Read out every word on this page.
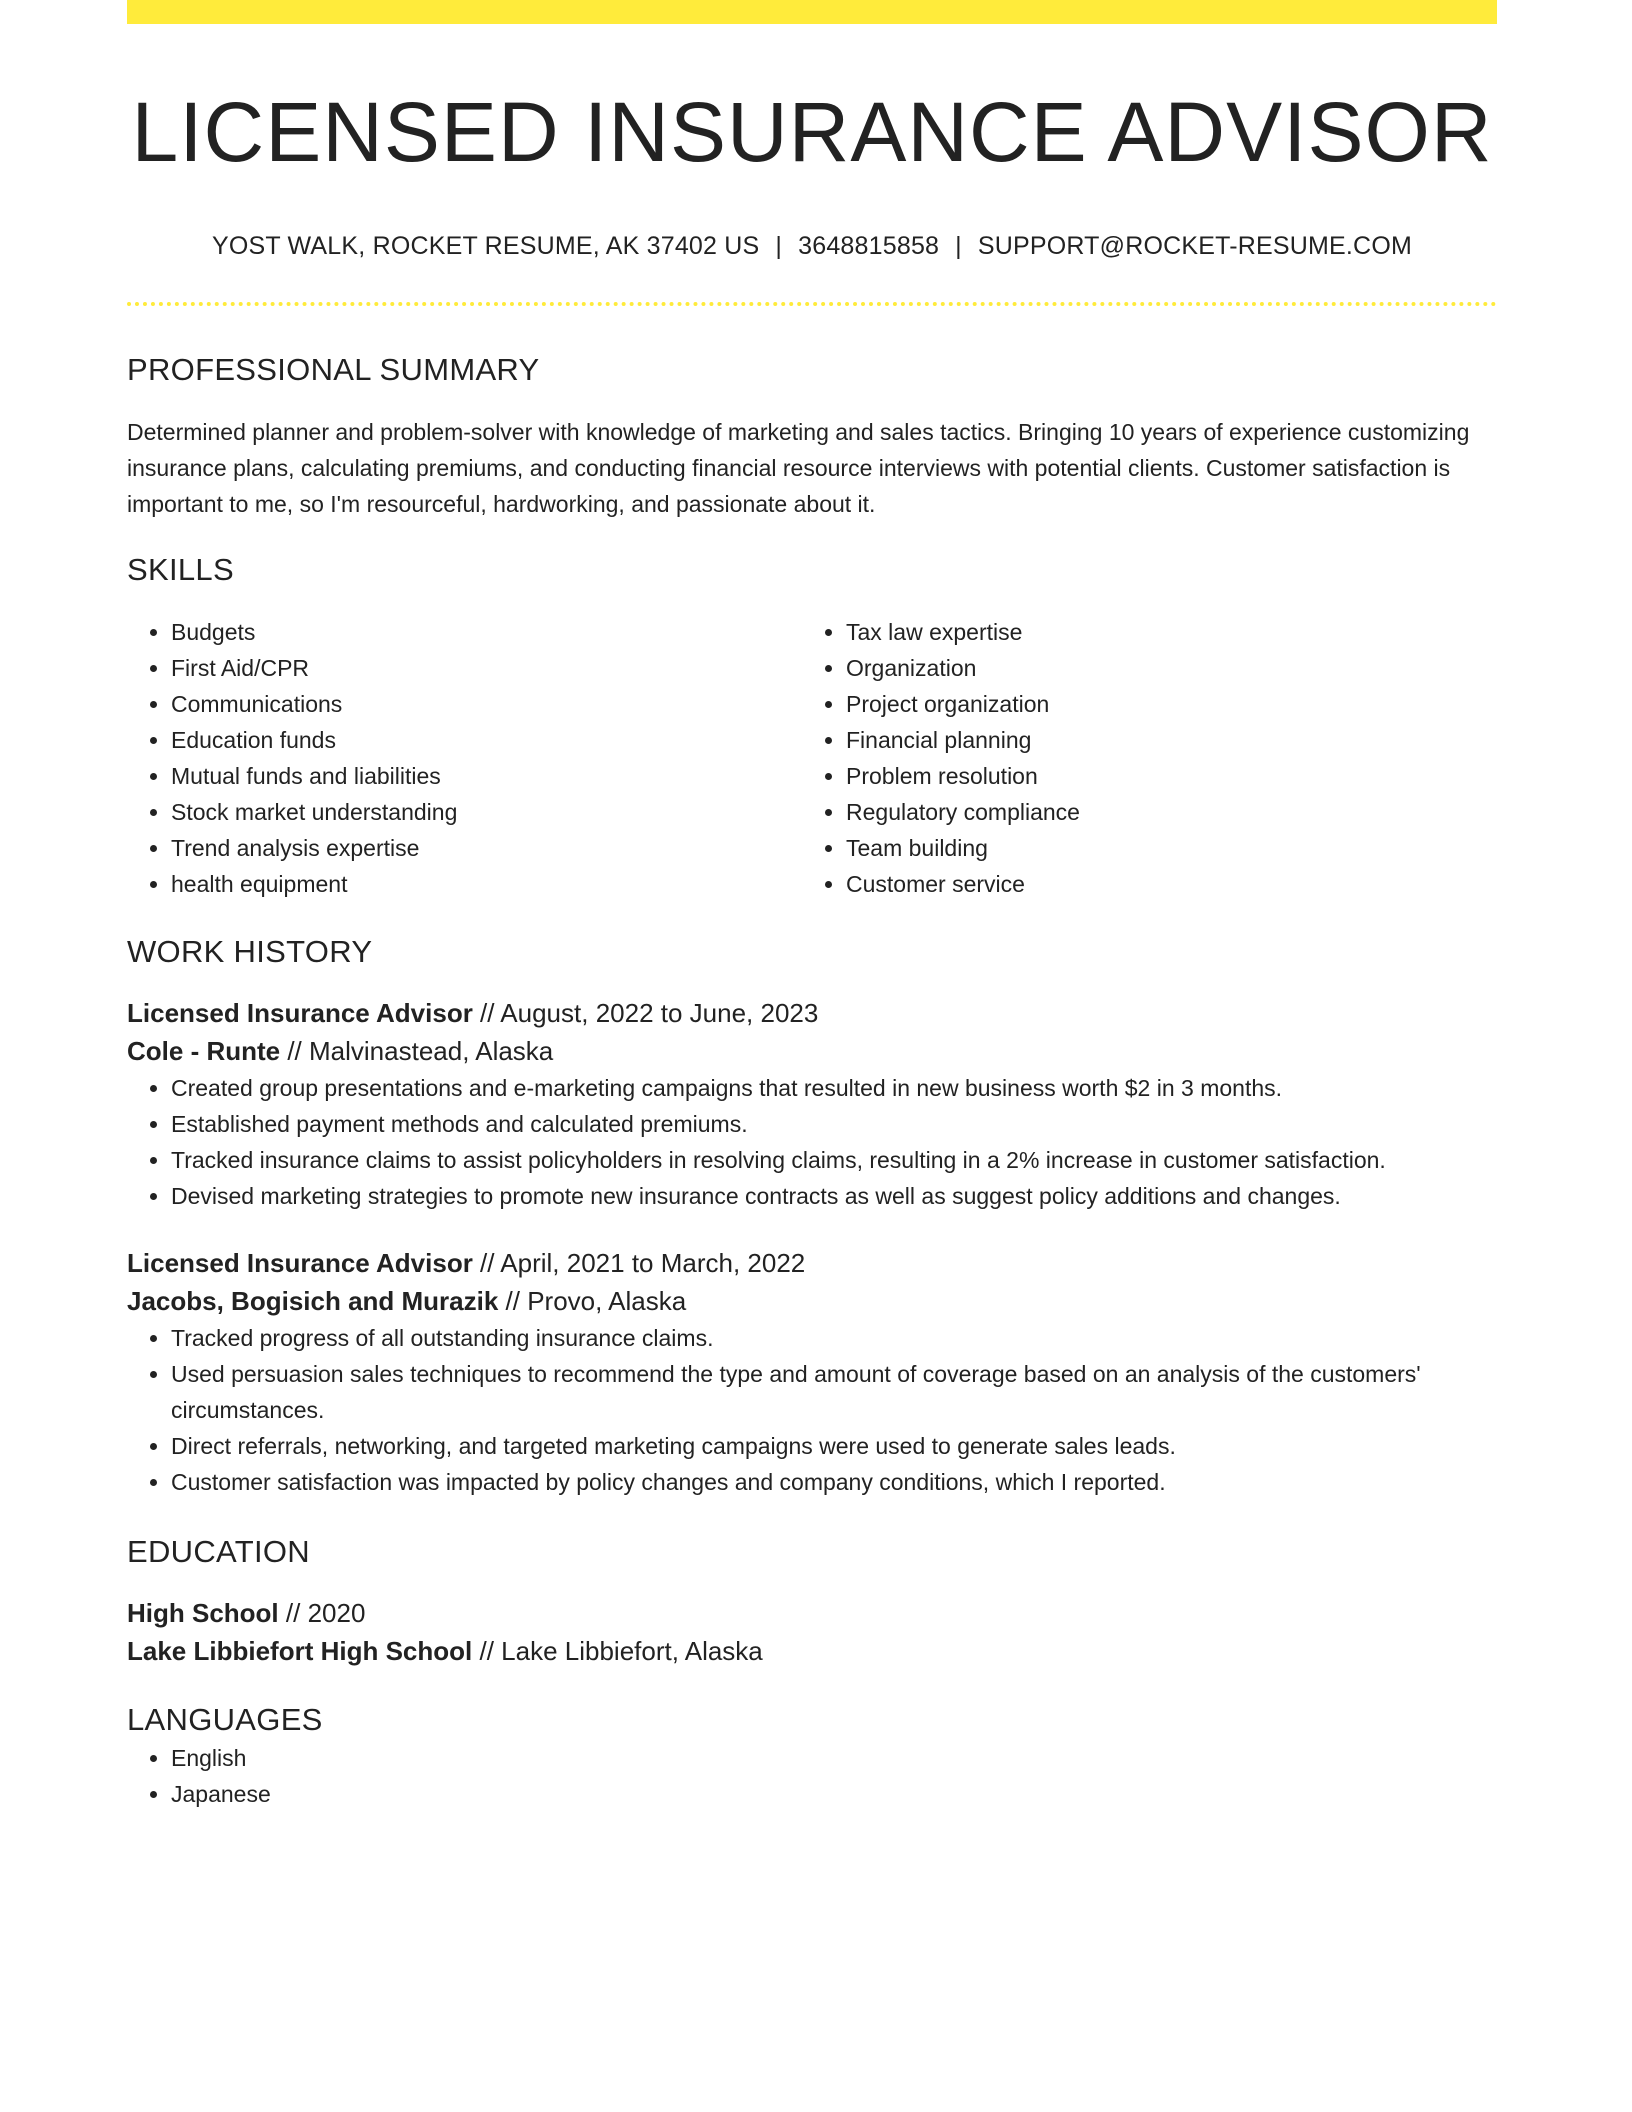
LICENSED INSURANCE ADVISOR
YOST WALK, ROCKET RESUME, AK 37402 US | 3648815858 | SUPPORT@ROCKET-RESUME.COM
PROFESSIONAL SUMMARY
Determined planner and problem-solver with knowledge of marketing and sales tactics. Bringing 10 years of experience customizing insurance plans, calculating premiums, and conducting financial resource interviews with potential clients. Customer satisfaction is important to me, so I'm resourceful, hardworking, and passionate about it.
SKILLS
• Budgets
• First Aid/CPR
• Communications
• Education funds
• Mutual funds and liabilities
• Stock market understanding
• Trend analysis expertise
• health equipment
• Tax law expertise
• Organization
• Project organization
• Financial planning
• Problem resolution
• Regulatory compliance
• Team building
• Customer service
WORK HISTORY
Licensed Insurance Advisor // August, 2022 to June, 2023
Cole - Runte // Malvinastead, Alaska
• Created group presentations and e-marketing campaigns that resulted in new business worth $2 in 3 months.
• Established payment methods and calculated premiums.
• Tracked insurance claims to assist policyholders in resolving claims, resulting in a 2% increase in customer satisfaction.
• Devised marketing strategies to promote new insurance contracts as well as suggest policy additions and changes.
Licensed Insurance Advisor // April, 2021 to March, 2022
Jacobs, Bogisich and Murazik // Provo, Alaska
• Tracked progress of all outstanding insurance claims.
• Used persuasion sales techniques to recommend the type and amount of coverage based on an analysis of the customers' circumstances.
• Direct referrals, networking, and targeted marketing campaigns were used to generate sales leads.
• Customer satisfaction was impacted by policy changes and company conditions, which I reported.
EDUCATION
High School // 2020
Lake Libbiefort High School // Lake Libbiefort, Alaska
LANGUAGES
• English
• Japanese
